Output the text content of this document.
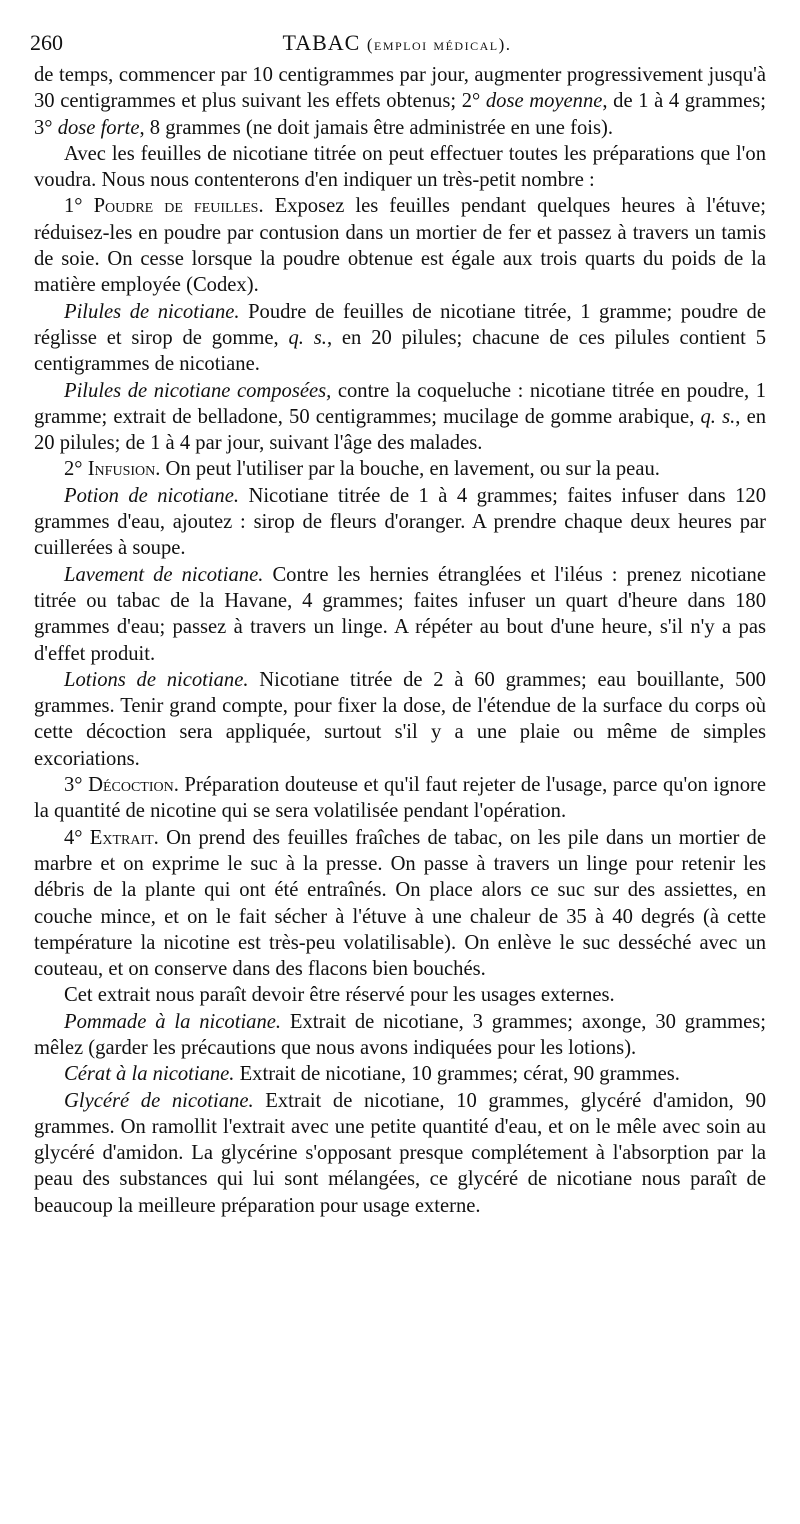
260	TABAC (emploi médical).

de temps, commencer par 10 centigrammes par jour, augmenter progressivement jusqu'à 30 centigrammes et plus suivant les effets obtenus; 2° dose moyenne, de 1 à 4 grammes; 3° dose forte, 8 grammes (ne doit jamais être administrée en une fois).

Avec les feuilles de nicotiane titrée on peut effectuer toutes les préparations que l'on voudra. Nous nous contenterons d'en indiquer un très-petit nombre :

1° Poudre de feuilles. Exposez les feuilles pendant quelques heures à l'étuve; réduisez-les en poudre par contusion dans un mortier de fer et passez à travers un tamis de soie. On cesse lorsque la poudre obtenue est égale aux trois quarts du poids de la matière employée (Codex).

Pilules de nicotiane. Poudre de feuilles de nicotiane titrée, 1 gramme; poudre de réglisse et sirop de gomme, q. s., en 20 pilules; chacune de ces pilules contient 5 centigrammes de nicotiane.

Pilules de nicotiane composées, contre la coqueluche : nicotiane titrée en poudre, 1 gramme; extrait de belladone, 50 centigrammes; mucilage de gomme arabique, q. s., en 20 pilules; de 1 à 4 par jour, suivant l'âge des malades.

2° Infusion. On peut l'utiliser par la bouche, en lavement, ou sur la peau.

Potion de nicotiane. Nicotiane titrée de 1 à 4 grammes; faites infuser dans 120 grammes d'eau, ajoutez : sirop de fleurs d'oranger. A prendre chaque deux heures par cuillerées à soupe.

Lavement de nicotiane. Contre les hernies étranglées et l'iléus : prenez nicotiane titrée ou tabac de la Havane, 4 grammes; faites infuser un quart d'heure dans 180 grammes d'eau; passez à travers un linge. A répéter au bout d'une heure, s'il n'y a pas d'effet produit.

Lotions de nicotiane. Nicotiane titrée de 2 à 60 grammes; eau bouillante, 500 grammes. Tenir grand compte, pour fixer la dose, de l'étendue de la surface du corps où cette décoction sera appliquée, surtout s'il y a une plaie ou même de simples excoriations.

3° Décoction. Préparation douteuse et qu'il faut rejeter de l'usage, parce qu'on ignore la quantité de nicotine qui se sera volatilisée pendant l'opération.

4° Extrait. On prend des feuilles fraîches de tabac, on les pile dans un mortier de marbre et on exprime le suc à la presse. On passe à travers un linge pour retenir les débris de la plante qui ont été entraînés. On place alors ce suc sur des assiettes, en couche mince, et on le fait sécher à l'étuve à une chaleur de 35 à 40 degrés (à cette température la nicotine est très-peu volatilisable). On enlève le suc desséché avec un couteau, et on conserve dans des flacons bien bouchés.

Cet extrait nous paraît devoir être réservé pour les usages externes.

Pommade à la nicotiane. Extrait de nicotiane, 3 grammes; axonge, 30 grammes; mêlez (garder les précautions que nous avons indiquées pour les lotions).

Cérat à la nicotiane. Extrait de nicotiane, 10 grammes; cérat, 90 grammes.

Glycéré de nicotiane. Extrait de nicotiane, 10 grammes, glycéré d'amidon, 90 grammes. On ramollit l'extrait avec une petite quantité d'eau, et on le mêle avec soin au glycéré d'amidon. La glycérine s'opposant presque complétement à l'absorption par la peau des substances qui lui sont mélangées, ce glycéré de nicotiane nous paraît de beaucoup la meilleure préparation pour usage externe.
